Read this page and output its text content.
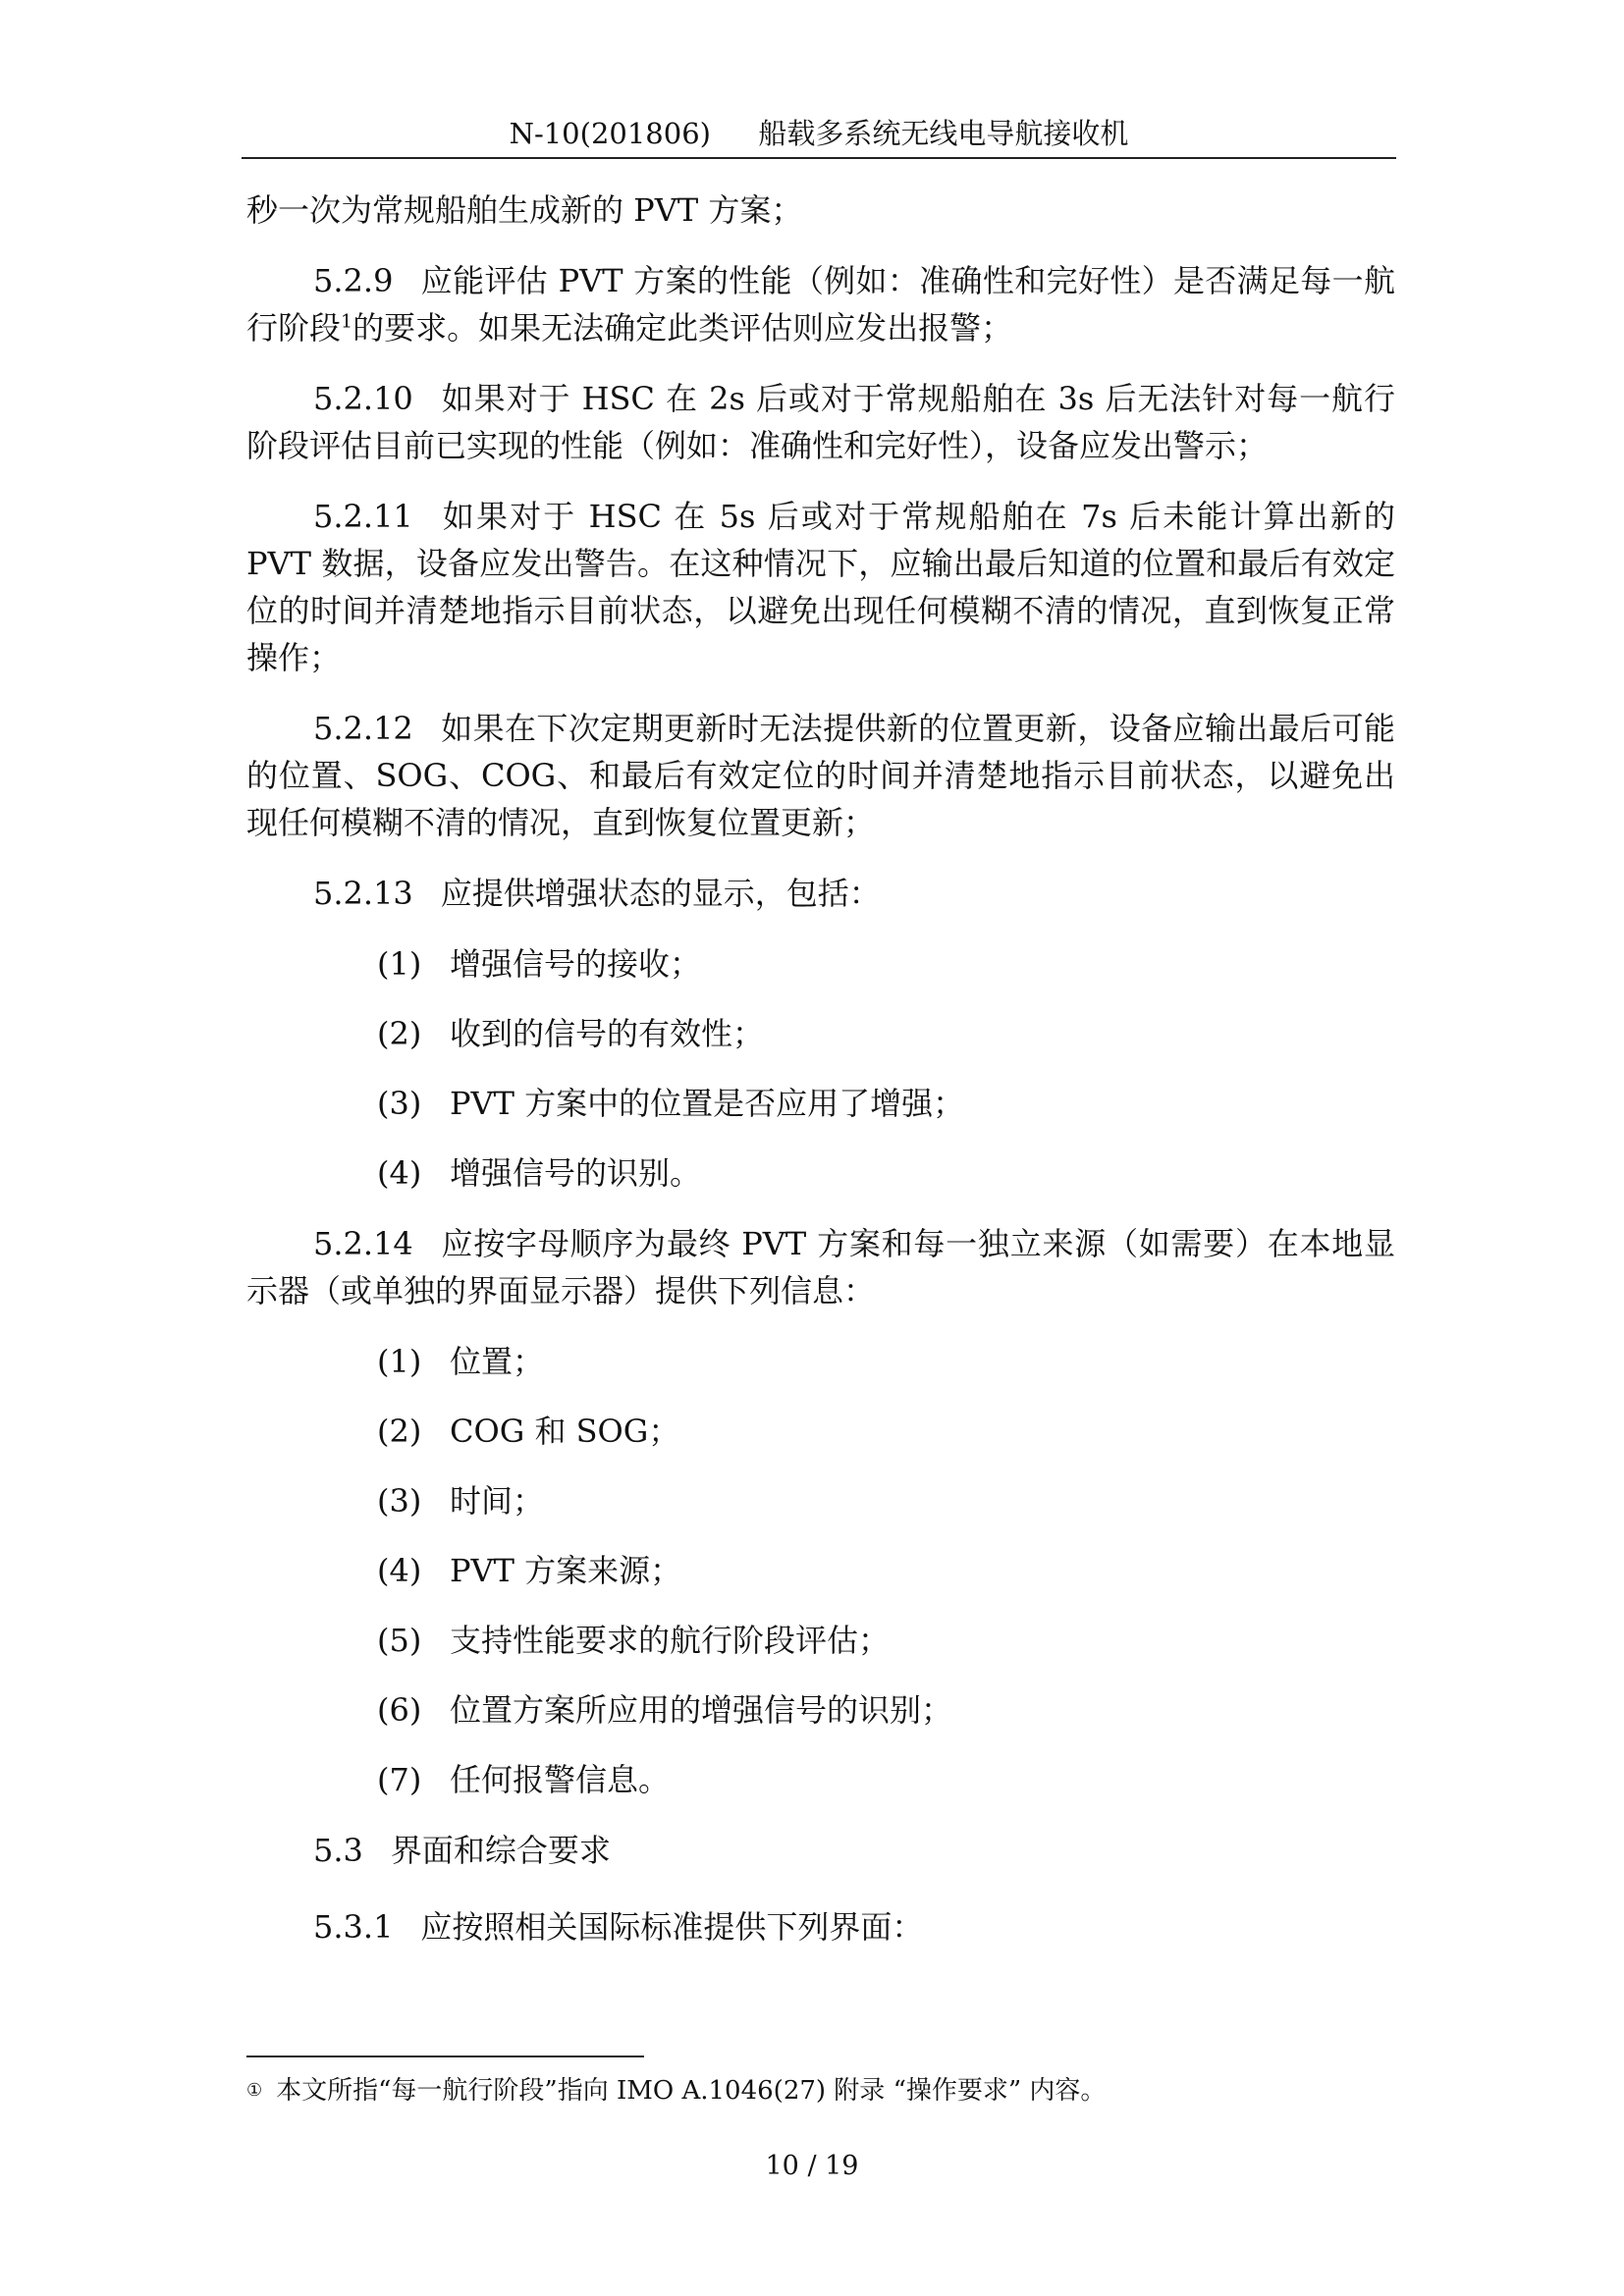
N-10(201806) 船载多系统无线电导航接收机

秒一次为常规船舶生成新的 PVT 方案；

5.2.9 应能评估 PVT 方案的性能（例如：准确性和完好性）是否满足每一航行阶段$^1$的要求。如果无法确定此类评估则应发出报警；

5.2.10 如果对于 HSC 在 2s 后或对于常规船舶在 3s 后无法针对每一航行阶段评估目前已实现的性能（例如：准确性和完好性），设备应发出警示；

5.2.11 如果对于 HSC 在 5s 后或对于常规船舶在 7s 后未能计算出新的 PVT 数据，设备应发出警告。在这种情况下，应输出最后知道的位置和最后有效定位的时间并清楚地指示目前状态，以避免出现任何模糊不清的情况，直到恢复正常操作；

5.2.12 如果在下次定期更新时无法提供新的位置更新，设备应输出最后可能的位置、SOG、COG、和最后有效定位的时间并清楚地指示目前状态，以避免出现任何模糊不清的情况，直到恢复位置更新；

5.2.13 应提供增强状态的显示，包括：

(1) 增强信号的接收；
(2) 收到的信号的有效性；
(3) PVT 方案中的位置是否应用了增强；
(4) 增强信号的识别。

5.2.14 应按字母顺序为最终 PVT 方案和每一独立来源（如需要）在本地显示器（或单独的界面显示器）提供下列信息：

(1) 位置；
(2) COG 和 SOG；
(3) 时间；
(4) PVT 方案来源；
(5) 支持性能要求的航行阶段评估；
(6) 位置方案所应用的增强信号的识别；
(7) 任何报警信息。
5.3 界面和综合要求

5.3.1 应按照相关国际标准提供下列界面：

① 本文所指“每一航行阶段”指向 IMO A.1046(27) 附录 “操作要求” 内容。
10 / 19
